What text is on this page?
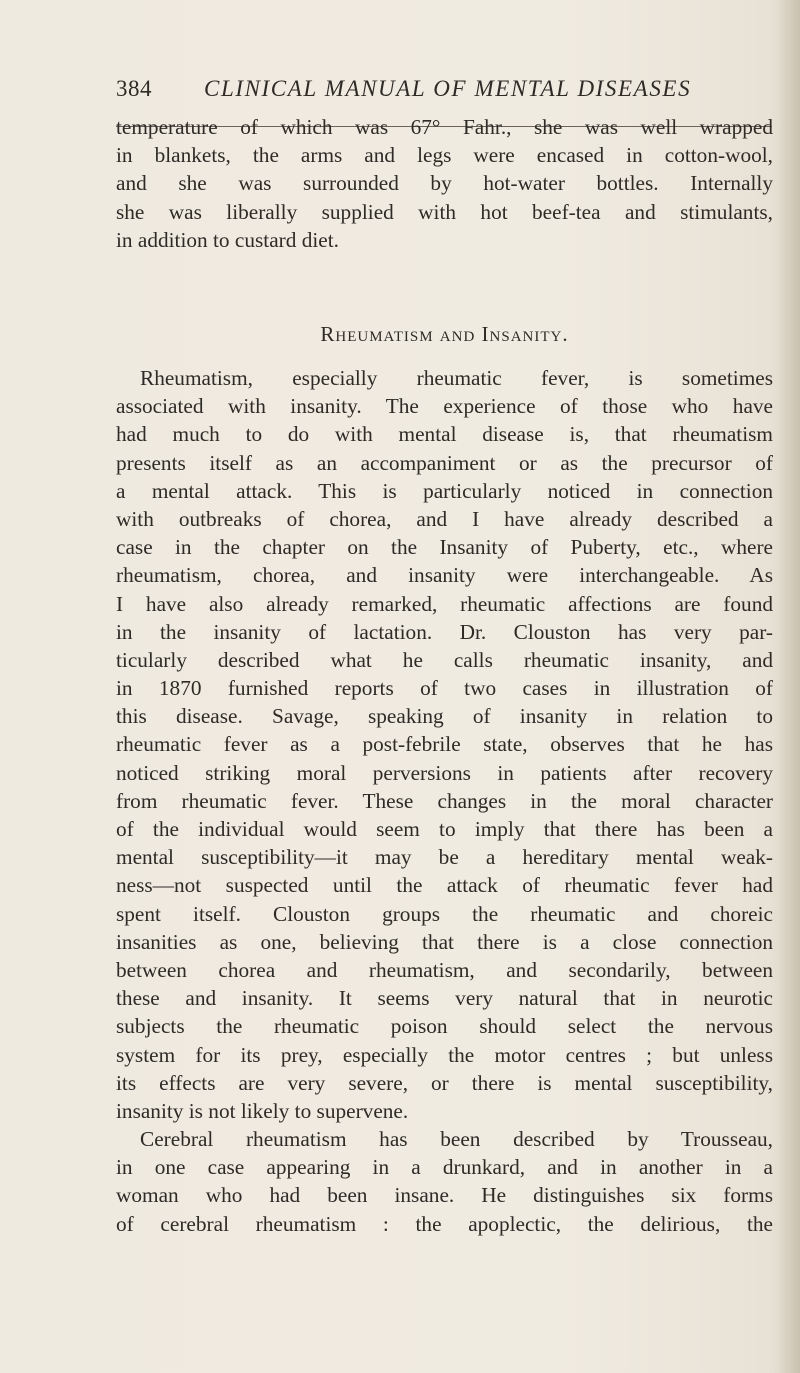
384 CLINICAL MANUAL OF MENTAL DISEASES
temperature of which was 67° Fahr., she was well wrapped
in blankets, the arms and legs were encased in cotton-wool,
and she was surrounded by hot-water bottles. Internally
she was liberally supplied with hot beef-tea and stimulants,
in addition to custard diet.
Rheumatism and Insanity.
Rheumatism, especially rheumatic fever, is sometimes
associated with insanity. The experience of those who have
had much to do with mental disease is, that rheumatism
presents itself as an accompaniment or as the precursor of
a mental attack. This is particularly noticed in connection
with outbreaks of chorea, and I have already described a
case in the chapter on the Insanity of Puberty, etc., where
rheumatism, chorea, and insanity were interchangeable. As
I have also already remarked, rheumatic affections are found
in the insanity of lactation. Dr. Clouston has very par-
ticularly described what he calls rheumatic insanity, and
in 1870 furnished reports of two cases in illustration of
this disease. Savage, speaking of insanity in relation to
rheumatic fever as a post-febrile state, observes that he has
noticed striking moral perversions in patients after recovery
from rheumatic fever. These changes in the moral character
of the individual would seem to imply that there has been a
mental susceptibility—it may be a hereditary mental weak-
ness—not suspected until the attack of rheumatic fever had
spent itself. Clouston groups the rheumatic and choreic
insanities as one, believing that there is a close connection
between chorea and rheumatism, and secondarily, between
these and insanity. It seems very natural that in neurotic
subjects the rheumatic poison should select the nervous
system for its prey, especially the motor centres ; but unless
its effects are very severe, or there is mental susceptibility,
insanity is not likely to supervene.
Cerebral rheumatism has been described by Trousseau,
in one case appearing in a drunkard, and in another in a
woman who had been insane. He distinguishes six forms
of cerebral rheumatism : the apoplectic, the delirious, the
